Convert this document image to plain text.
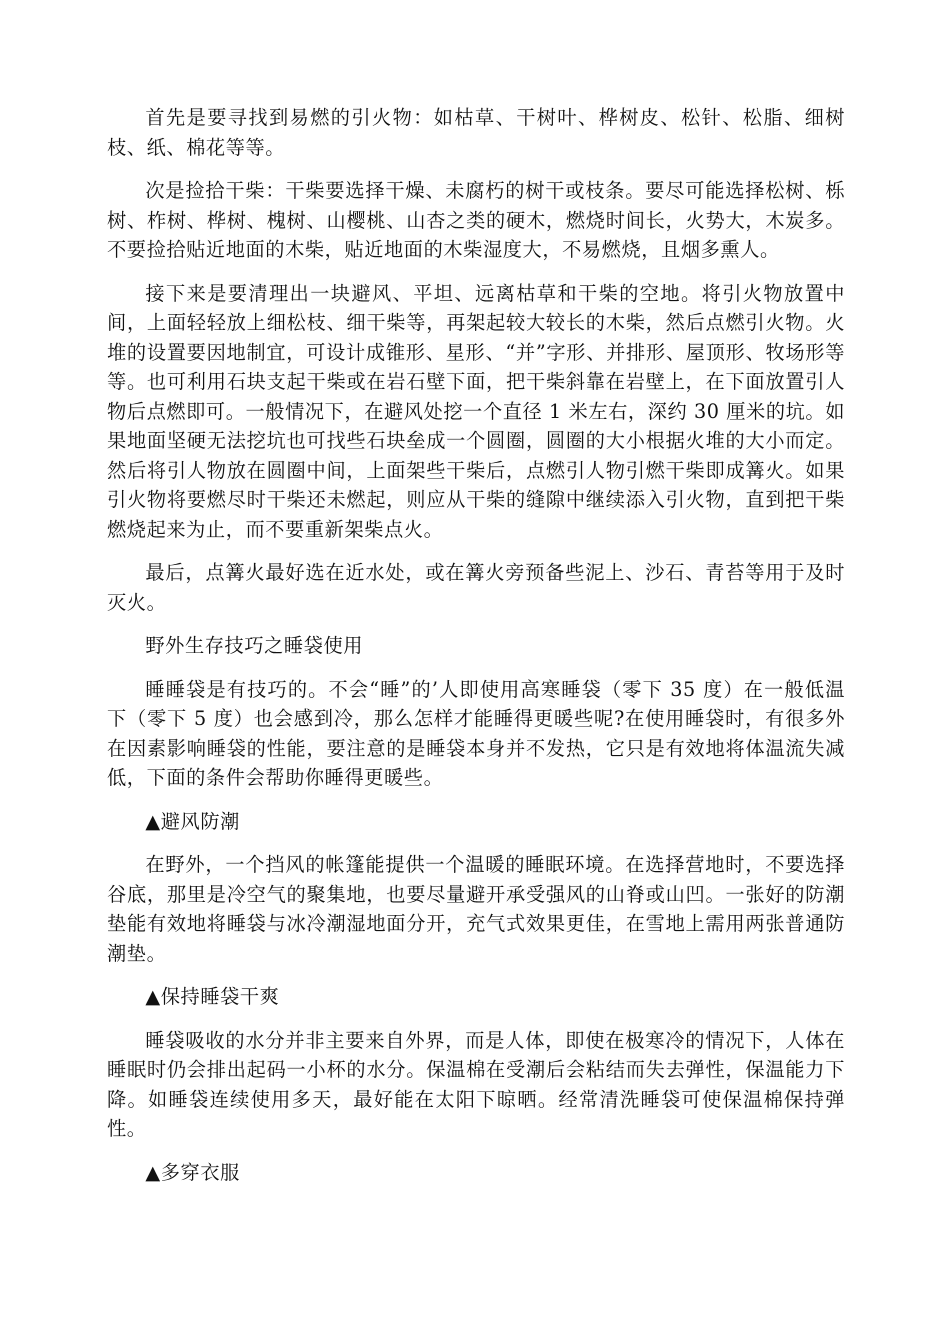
首先是要寻找到易燃的引火物：如枯草、干树叶、桦树皮、松针、松脂、细树枝、纸、棉花等等。

次是捡拾干柴：干柴要选择干燥、未腐朽的树干或枝条。要尽可能选择松树、栎树、柞树、桦树、槐树、山樱桃、山杏之类的硬木，燃烧时间长，火势大，木炭多。不要捡拾贴近地面的木柴，贴近地面的木柴湿度大，不易燃烧，且烟多熏人。

接下来是要清理出一块避风、平坦、远离枯草和干柴的空地。将引火物放置中间，上面轻轻放上细松枝、细干柴等，再架起较大较长的木柴，然后点燃引火物。火堆的设置要因地制宜，可设计成锥形、星形、“并”字形、并排形、屋顶形、牧场形等等。也可利用石块支起干柴或在岩石壁下面，把干柴斜靠在岩壁上，在下面放置引人物后点燃即可。一般情况下，在避风处挖一个直径 1 米左右，深约 30 厘米的坑。如果地面坚硬无法挖坑也可找些石块垒成一个圆圈，圆圈的大小根据火堆的大小而定。然后将引人物放在圆圈中间，上面架些干柴后，点燃引人物引燃干柴即成篝火。如果引火物将要燃尽时干柴还未燃起，则应从干柴的缝隙中继续添入引火物，直到把干柴燃烧起来为止，而不要重新架柴点火。

最后，点篝火最好选在近水处，或在篝火旁预备些泥上、沙石、青苔等用于及时灭火。

野外生存技巧之睡袋使用

睡睡袋是有技巧的。不会“睡”的’人即使用高寒睡袋（零下 35 度）在一般低温下（零下 5 度）也会感到冷，那么怎样才能睡得更暖些呢?在使用睡袋时，有很多外在因素影响睡袋的性能，要注意的是睡袋本身并不发热，它只是有效地将体温流失减低，下面的条件会帮助你睡得更暖些。

▲避风防潮

在野外，一个挡风的帐篷能提供一个温暖的睡眠环境。在选择营地时，不要选择谷底，那里是冷空气的聚集地，也要尽量避开承受强风的山脊或山凹。一张好的防潮垫能有效地将睡袋与冰冷潮湿地面分开，充气式效果更佳，在雪地上需用两张普通防潮垫。

▲保持睡袋干爽

睡袋吸收的水分并非主要来自外界，而是人体，即使在极寒冷的情况下，人体在睡眠时仍会排出起码一小杯的水分。保温棉在受潮后会粘结而失去弹性，保温能力下降。如睡袋连续使用多天，最好能在太阳下晾晒。经常清洗睡袋可使保温棉保持弹性。

▲多穿衣服
